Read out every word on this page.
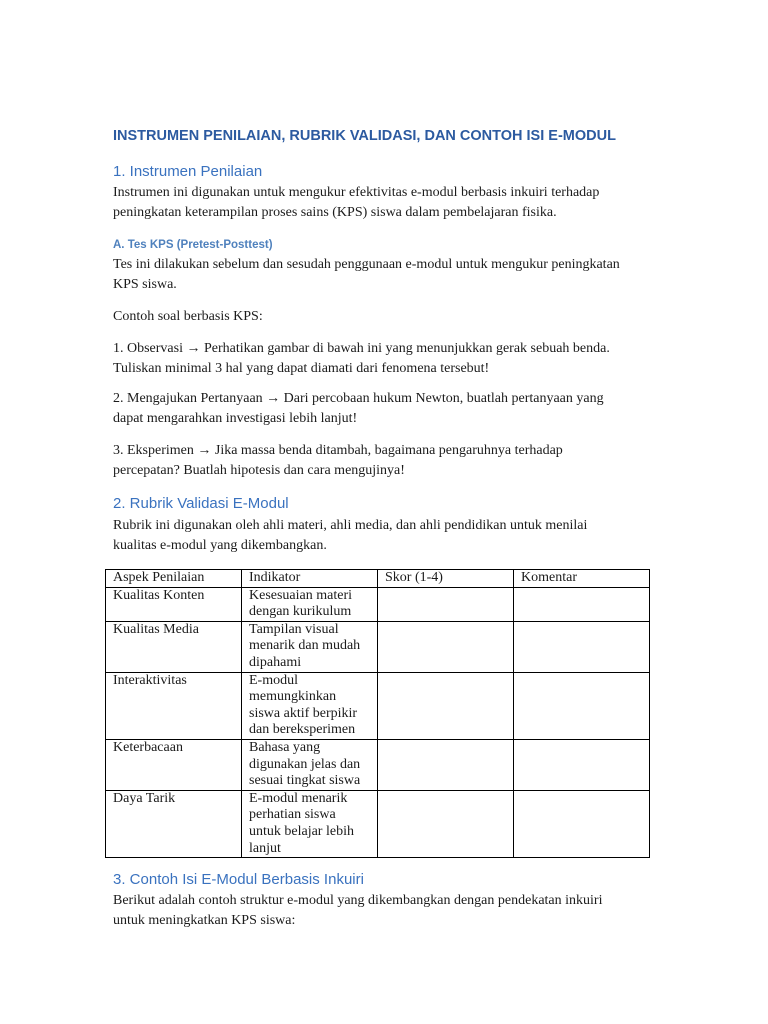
INSTRUMEN PENILAIAN, RUBRIK VALIDASI, DAN CONTOH ISI E-MODUL
1. Instrumen Penilaian
Instrumen ini digunakan untuk mengukur efektivitas e-modul berbasis inkuiri terhadap
peningkatan keterampilan proses sains (KPS) siswa dalam pembelajaran fisika.
A. Tes KPS (Pretest-Posttest)
Tes ini dilakukan sebelum dan sesudah penggunaan e-modul untuk mengukur peningkatan
KPS siswa.
Contoh soal berbasis KPS:
1. Observasi → Perhatikan gambar di bawah ini yang menunjukkan gerak sebuah benda.
Tuliskan minimal 3 hal yang dapat diamati dari fenomena tersebut!
2. Mengajukan Pertanyaan → Dari percobaan hukum Newton, buatlah pertanyaan yang
dapat mengarahkan investigasi lebih lanjut!
3. Eksperimen → Jika massa benda ditambah, bagaimana pengaruhnya terhadap
percepatan? Buatlah hipotesis dan cara mengujinya!
2. Rubrik Validasi E-Modul
Rubrik ini digunakan oleh ahli materi, ahli media, dan ahli pendidikan untuk menilai
kualitas e-modul yang dikembangkan.
Aspek Penilaian	Indikator	Skor (1-4)	Komentar
Kualitas Konten	Kesesuaian materi
dengan kurikulum		

Kualitas Media	Tampilan visual
menarik dan mudah
dipahami		

Interaktivitas	E-modul
memungkinkan
siswa aktif berpikir
dan bereksperimen		

Keterbacaan	Bahasa yang
digunakan jelas dan
sesuai tingkat siswa		

Daya Tarik	E-modul menarik
perhatian siswa
untuk belajar lebih
lanjut		

3. Contoh Isi E-Modul Berbasis Inkuiri
Berikut adalah contoh struktur e-modul yang dikembangkan dengan pendekatan inkuiri
untuk meningkatkan KPS siswa:
